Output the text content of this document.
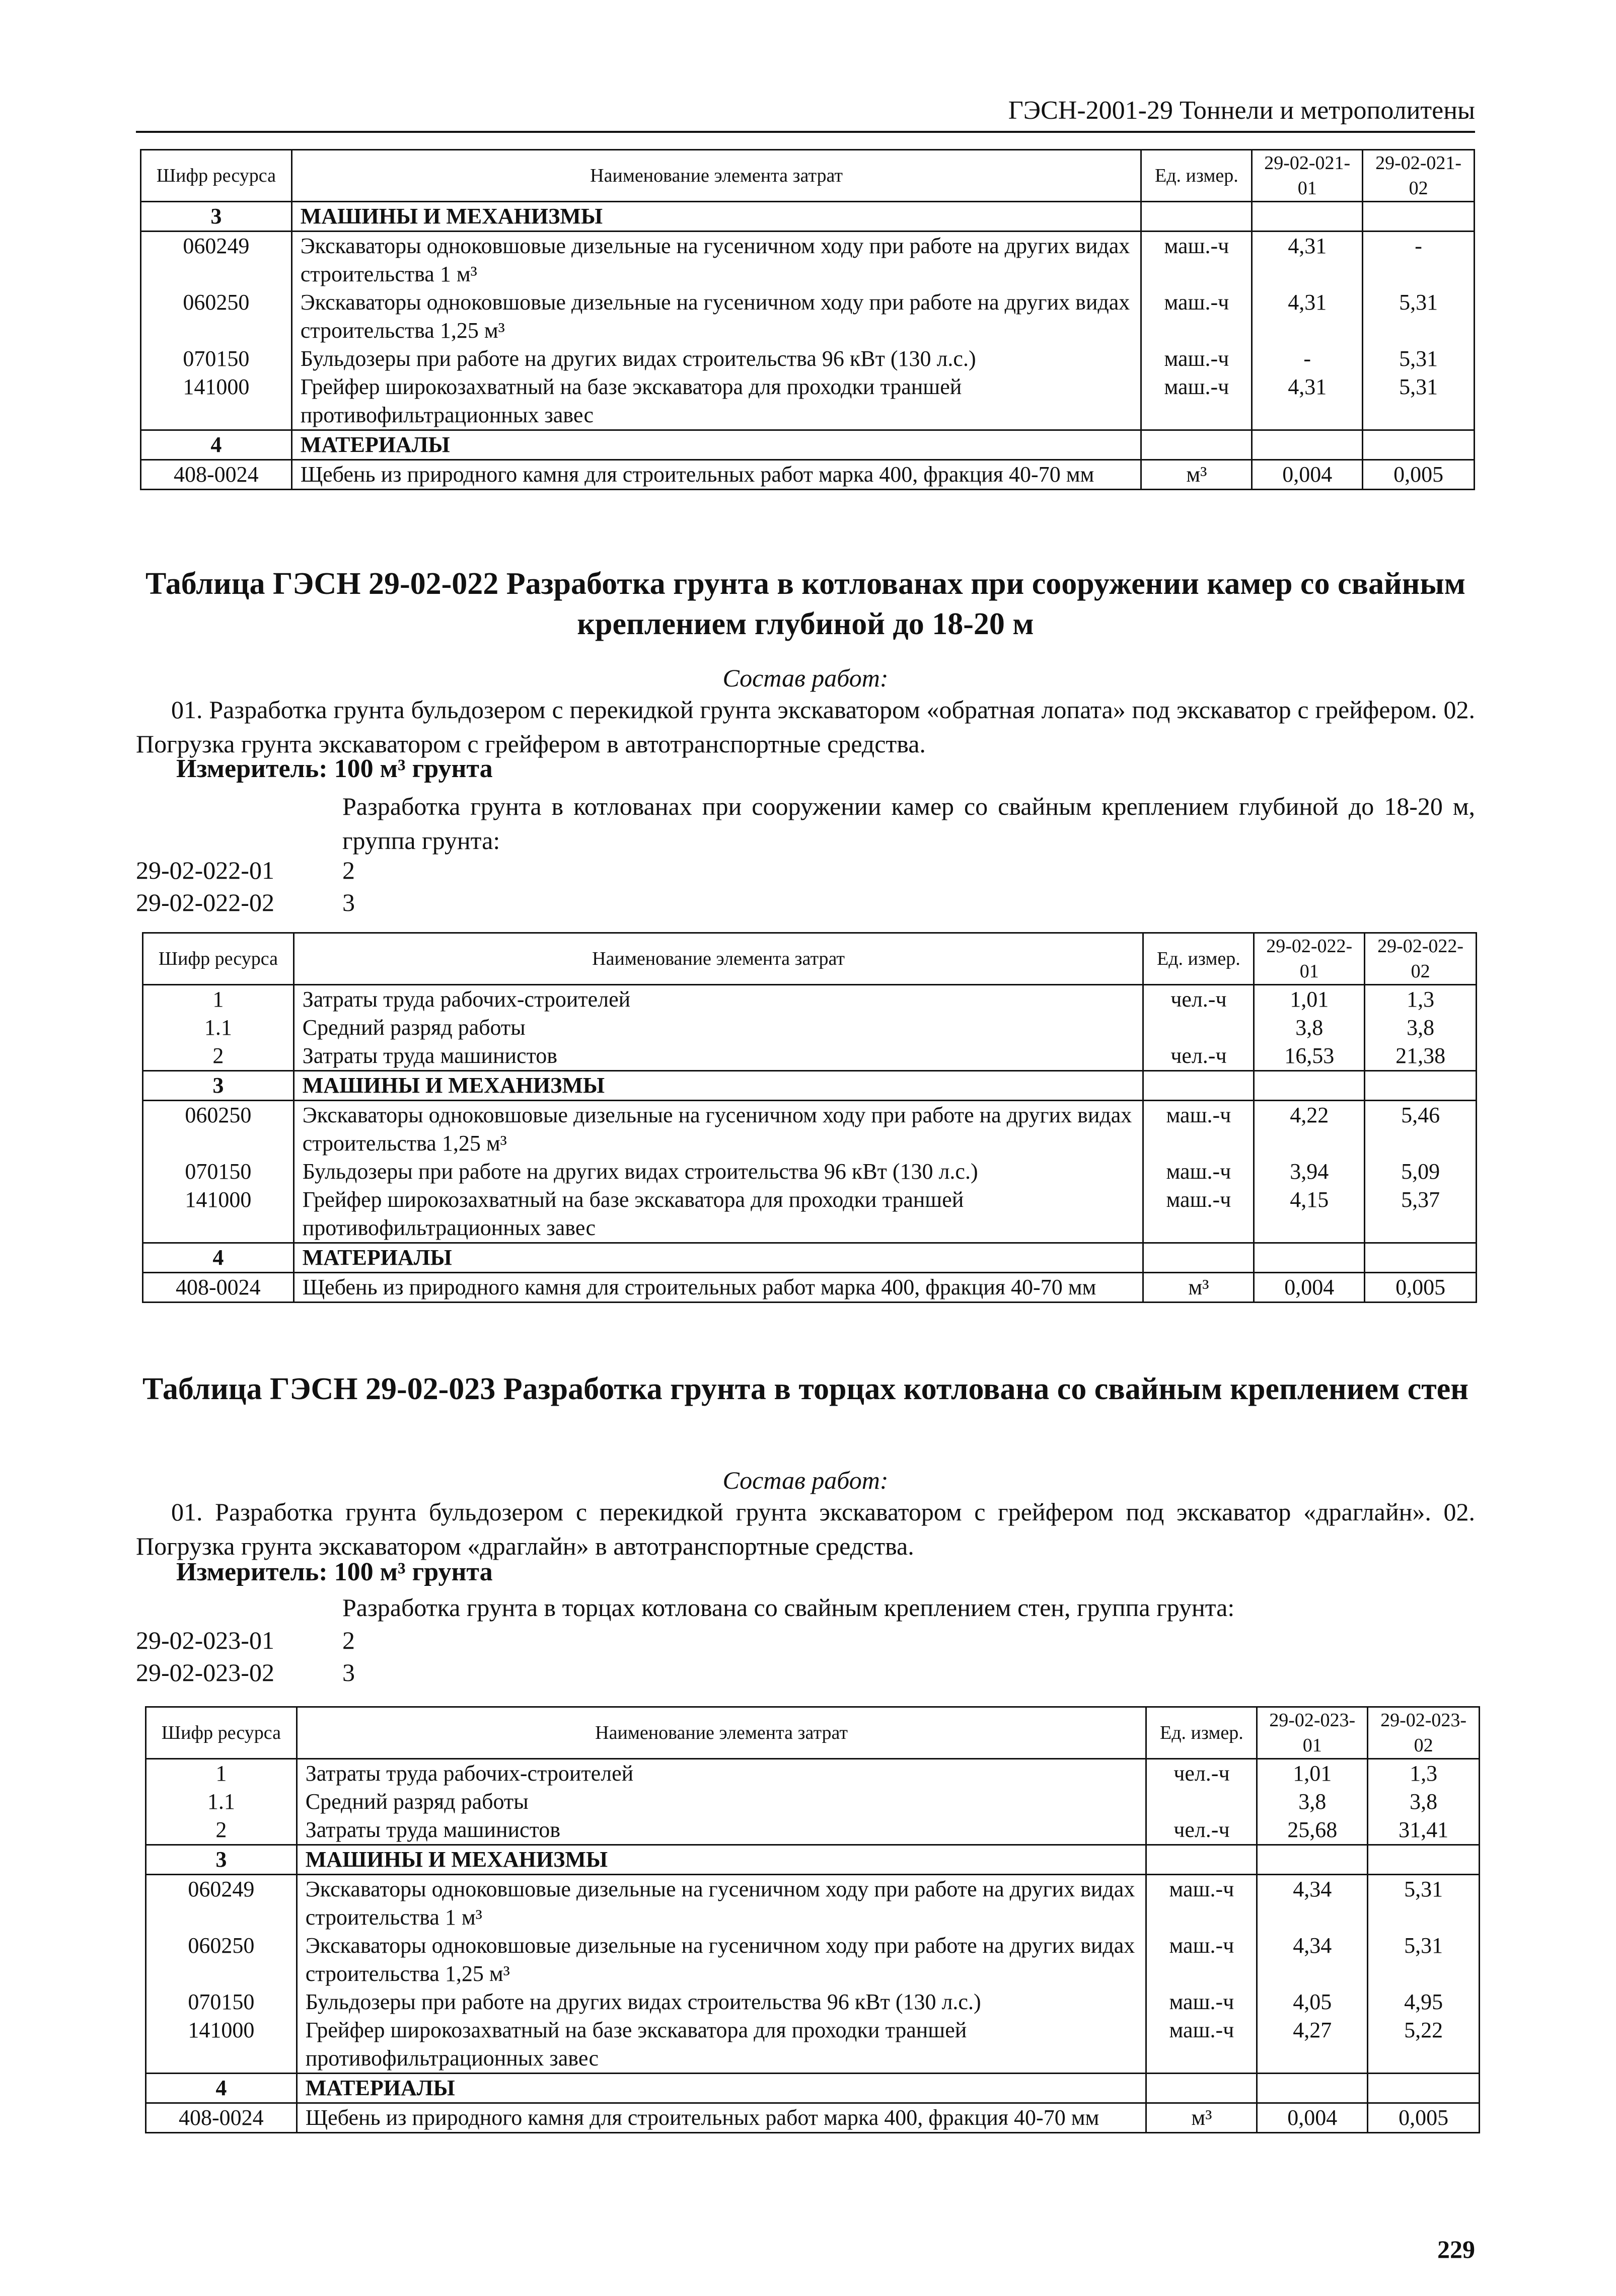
ГЭСН-2001-29 Тоннели и метрополитены
Шифр ресурса	Наименование элемента затрат	Ед. измер.	29-02-021-01	29-02-021-02
3	МАШИНЫ И МЕХАНИЗМЫ			
060249	Экскаваторы одноковшовые дизельные на гусеничном ходу при работе на других видах строительства 1 м³	маш.-ч	4,31	-
060250	Экскаваторы одноковшовые дизельные на гусеничном ходу при работе на других видах строительства 1,25 м³	маш.-ч	4,31	5,31
070150	Бульдозеры при работе на других видах строительства 96 кВт (130 л.с.)	маш.-ч	-	5,31
141000	Грейфер широкозахватный на базе экскаватора для проходки траншей противофильтрационных завес	маш.-ч	4,31	5,31
4	МАТЕРИАЛЫ			
408-0024	Щебень из природного камня для строительных работ марка 400, фракция 40-70 мм	м³	0,004	0,005
Таблица ГЭСН 29-02-022 Разработка грунта в котлованах при сооружении камер со свайным креплением глубиной до 18-20 м
Состав работ:
01. Разработка грунта бульдозером с перекидкой грунта экскаватором «обратная лопата» под экскаватор с грейфером. 02. Погрузка грунта экскаватором с грейфером в автотранспортные средства.
Измеритель: 100 м³ грунта
Разработка грунта в котлованах при сооружении камер со свайным креплением глубиной до 18-20 м, группа грунта:
29-02-022-01	2
29-02-022-02	3
Шифр ресурса	Наименование элемента затрат	Ед. измер.	29-02-022-01	29-02-022-02
1	Затраты труда рабочих-строителей	чел.-ч	1,01	1,3
1.1	Средний разряд работы		3,8	3,8
2	Затраты труда машинистов	чел.-ч	16,53	21,38
3	МАШИНЫ И МЕХАНИЗМЫ			
060250	Экскаваторы одноковшовые дизельные на гусеничном ходу при работе на других видах строительства 1,25 м³	маш.-ч	4,22	5,46
070150	Бульдозеры при работе на других видах строительства 96 кВт (130 л.с.)	маш.-ч	3,94	5,09
141000	Грейфер широкозахватный на базе экскаватора для проходки траншей противофильтрационных завес	маш.-ч	4,15	5,37
4	МАТЕРИАЛЫ			
408-0024	Щебень из природного камня для строительных работ марка 400, фракция 40-70 мм	м³	0,004	0,005
Таблица ГЭСН 29-02-023 Разработка грунта в торцах котлована со свайным креплением стен
Состав работ:
01. Разработка грунта бульдозером с перекидкой грунта экскаватором с грейфером под экскаватор «драглайн». 02. Погрузка грунта экскаватором «драглайн» в автотранспортные средства.
Измеритель: 100 м³ грунта
Разработка грунта в торцах котлована со свайным креплением стен, группа грунта:
29-02-023-01	2
29-02-023-02	3
Шифр ресурса	Наименование элемента затрат	Ед. измер.	29-02-023-01	29-02-023-02
1	Затраты труда рабочих-строителей	чел.-ч	1,01	1,3
1.1	Средний разряд работы		3,8	3,8
2	Затраты труда машинистов	чел.-ч	25,68	31,41
3	МАШИНЫ И МЕХАНИЗМЫ			
060249	Экскаваторы одноковшовые дизельные на гусеничном ходу при работе на других видах строительства 1 м³	маш.-ч	4,34	5,31
060250	Экскаваторы одноковшовые дизельные на гусеничном ходу при работе на других видах строительства 1,25 м³	маш.-ч	4,34	5,31
070150	Бульдозеры при работе на других видах строительства 96 кВт (130 л.с.)	маш.-ч	4,05	4,95
141000	Грейфер широкозахватный на базе экскаватора для проходки траншей противофильтрационных завес	маш.-ч	4,27	5,22
4	МАТЕРИАЛЫ			
408-0024	Щебень из природного камня для строительных работ марка 400, фракция 40-70 мм	м³	0,004	0,005
229
